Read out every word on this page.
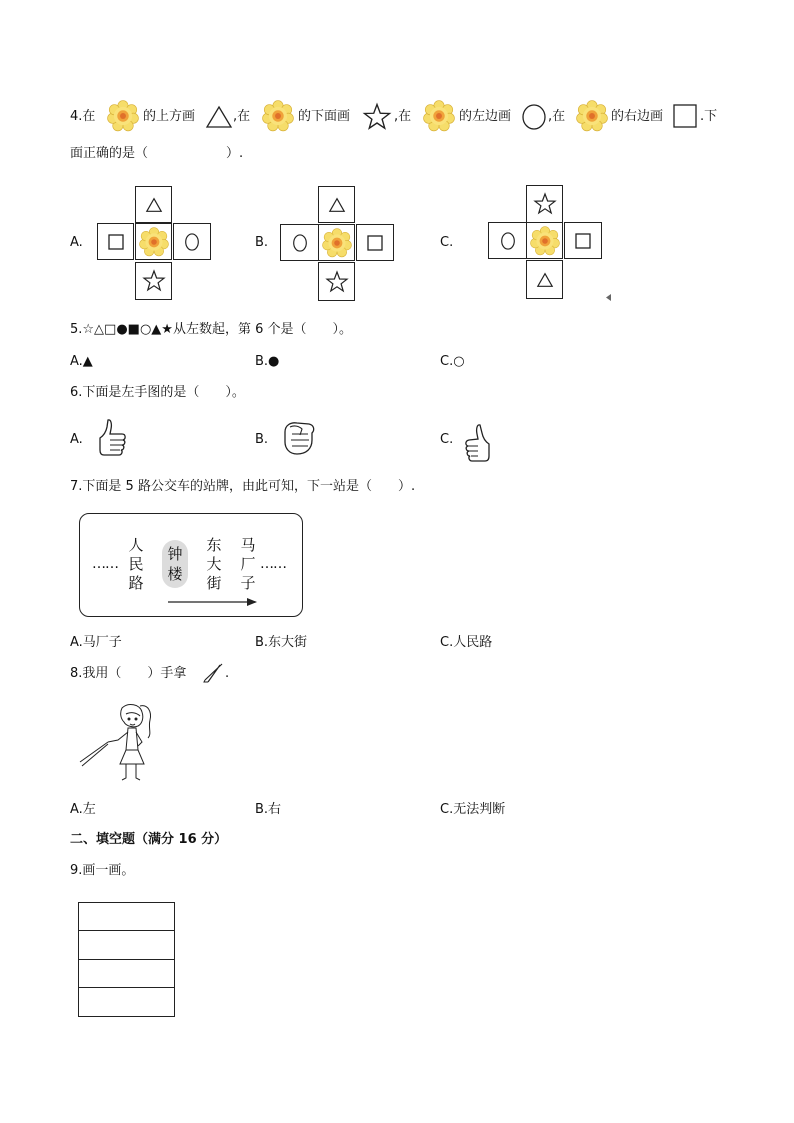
4.在	的上方画	,在	的下面画	,在	的左边画	,在	的右边画	.下
面正确的是（　　　　　　）.
A.	B.	C.
5.☆△□●■○▲★从左数起，第 6 个是（　　）。
A.▲	B.●	C.○
6.下面是左手图的是（　　）。
A.	B.	C.
7.下面是 5 路公交车的站牌，由此可知，下一站是（　　）.
……
人
民
路
钟
楼
东
大
街
马
厂
子
……
A.马厂子	B.东大街	C.人民路
8.我用（　　）手拿	.
A.左	B.右	C.无法判断
二、填空题（满分 16 分）
9.画一画。
